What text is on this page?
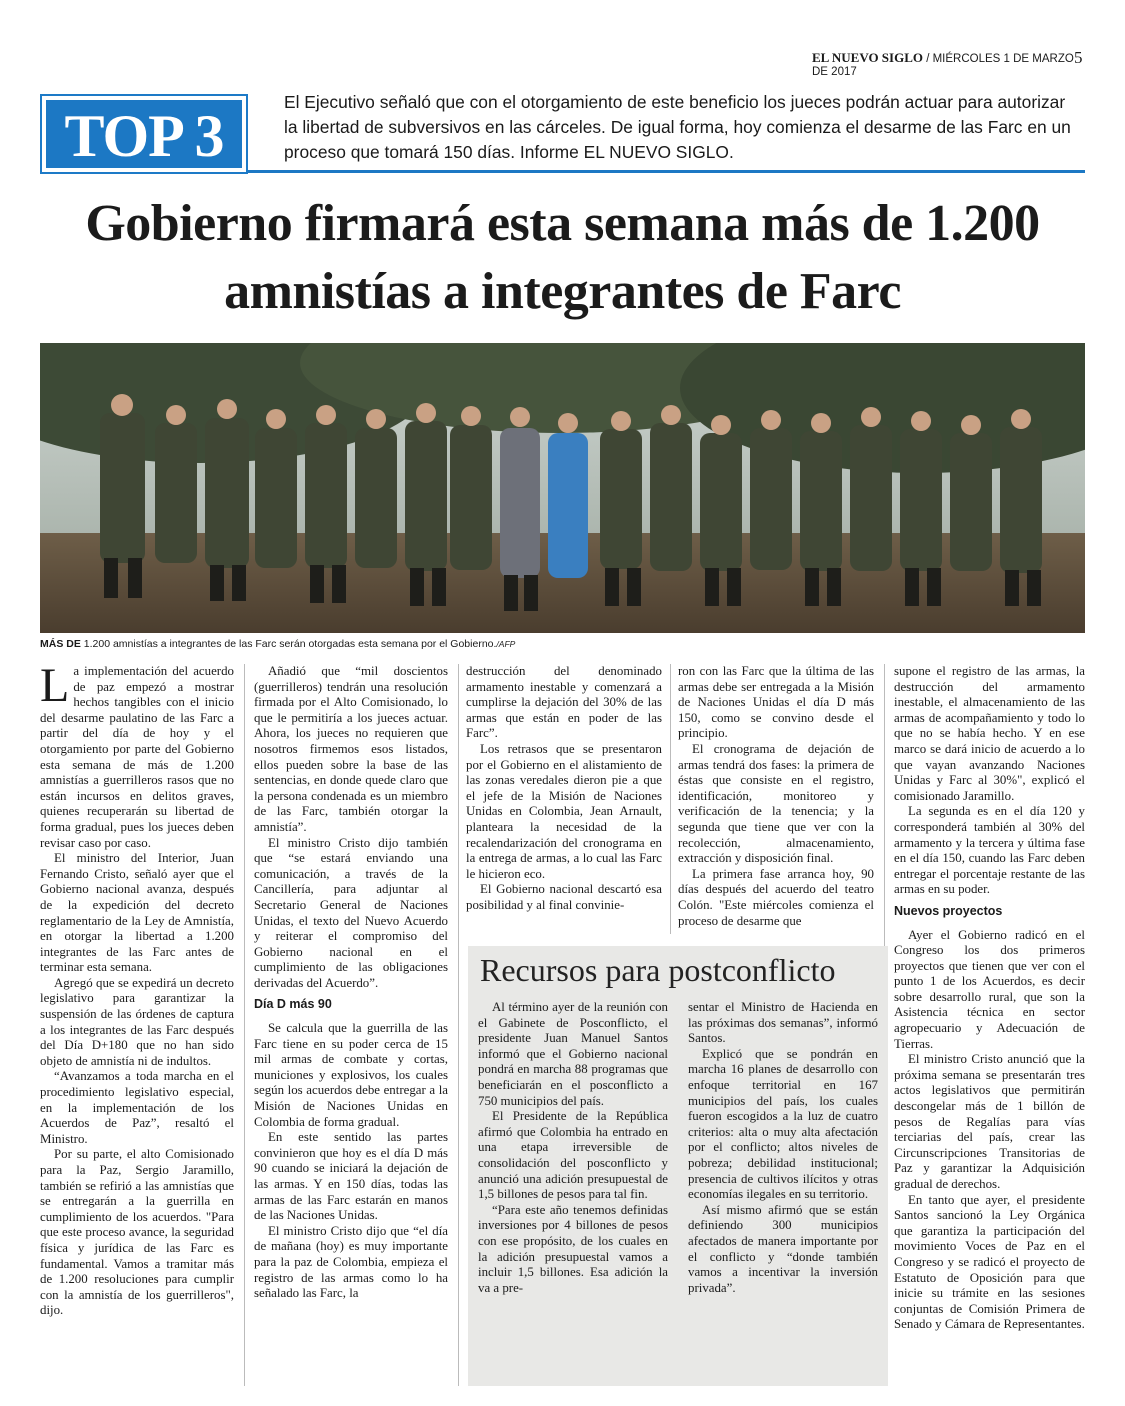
EL NUEVO SIGLO / MIÉRCOLES 1 DE MARZO DE 2017
5
TOP 3
El Ejecutivo señaló que con el otorgamiento de este beneficio los jueces podrán actuar para autorizar la libertad de subversivos en las cárceles. De igual forma, hoy comienza el desarme de las Farc en un proceso que tomará 150 días. Informe EL NUEVO SIGLO.
Gobierno firmará esta semana más de 1.200 amnistías a integrantes de Farc
MÁS DE 1.200 amnistías a integrantes de las Farc serán otorgadas esta semana por el Gobierno./AFP

La implementación del acuerdo de paz empezó a mostrar hechos tangibles con el inicio del desarme paulatino de las Farc a partir del día de hoy y el otorgamiento por parte del Gobierno esta semana de más de 1.200 amnistías a guerrilleros rasos que no están incursos en delitos graves, quienes recuperarán su libertad de forma gradual, pues los jueces deben revisar caso por caso.

El ministro del Interior, Juan Fernando Cristo, señaló ayer que el Gobierno nacional avanza, después de la expedición del decreto reglamentario de la Ley de Amnistía, en otorgar la libertad a 1.200 integrantes de las Farc antes de terminar esta semana.

Agregó que se expedirá un decreto legislativo para garantizar la suspensión de las órdenes de captura a los integrantes de las Farc después del Día D+180 que no han sido objeto de amnistía ni de indultos.

“Avanzamos a toda marcha en el procedimiento legislativo especial, en la implementación de los Acuerdos de Paz”, resaltó el Ministro.

Por su parte, el alto Comisionado para la Paz, Sergio Jaramillo, también se refirió a las amnistías que se entregarán a la guerrilla en cumplimiento de los acuerdos. "Para que este proceso avance, la seguridad física y jurídica de las Farc es fundamental. Vamos a tramitar más de 1.200 resoluciones para cumplir con la amnistía de los guerrilleros", dijo.

Añadió que “mil doscientos (guerrilleros) tendrán una resolución firmada por el Alto Comisionado, lo que le permitiría a los jueces actuar. Ahora, los jueces no requieren que nosotros firmemos esos listados, ellos pueden sobre la base de las sentencias, en donde quede claro que la persona condenada es un miembro de las Farc, también otorgar la amnistía”.

El ministro Cristo dijo también que “se estará enviando una comunicación, a través de la Cancillería, para adjuntar al Secretario General de Naciones Unidas, el texto del Nuevo Acuerdo y reiterar el compromiso del Gobierno nacional en el cumplimiento de las obligaciones derivadas del Acuerdo”.

Día D más 90

Se calcula que la guerrilla de las Farc tiene en su poder cerca de 15 mil armas de combate y cortas, municiones y explosivos, los cuales según los acuerdos debe entregar a la Misión de Naciones Unidas en Colombia de forma gradual.

En este sentido las partes convinieron que hoy es el día D más 90 cuando se iniciará la dejación de las armas. Y en 150 días, todas las armas de las Farc estarán en manos de las Naciones Unidas.

El ministro Cristo dijo que “el día de mañana (hoy) es muy importante para la paz de Colombia, empieza el registro de las armas como lo ha señalado las Farc, la

destrucción del denominado armamento inestable y comenzará a cumplirse la dejación del 30% de las armas que están en poder de las Farc”.

Los retrasos que se presentaron por el Gobierno en el alistamiento de las zonas veredales dieron pie a que el jefe de la Misión de Naciones Unidas en Colombia, Jean Arnault, planteara la necesidad de la recalendarización del cronograma en la entrega de armas, a lo cual las Farc le hicieron eco.

El Gobierno nacional descartó esa posibilidad y al final convinie-

ron con las Farc que la última de las armas debe ser entregada a la Misión de Naciones Unidas el día D más 150, como se convino desde el principio.

El cronograma de dejación de armas tendrá dos fases: la primera de éstas que consiste en el registro, identificación, monitoreo y verificación de la tenencia; y la segunda que tiene que ver con la recolección, almacenamiento, extracción y disposición final.

La primera fase arranca hoy, 90 días después del acuerdo del teatro Colón. "Este miércoles comienza el proceso de desarme que

supone el registro de las armas, la destrucción del armamento inestable, el almacenamiento de las armas de acompañamiento y todo lo que no se había hecho. Y en ese marco se dará inicio de acuerdo a lo que vayan avanzando Naciones Unidas y Farc al 30%", explicó el comisionado Jaramillo.

La segunda es en el día 120 y corresponderá también al 30% del armamento y la tercera y última fase en el día 150, cuando las Farc deben entregar el porcentaje restante de las armas en su poder.

Nuevos proyectos

Ayer el Gobierno radicó en el Congreso los dos primeros proyectos que tienen que ver con el punto 1 de los Acuerdos, es decir sobre desarrollo rural, que son la Asistencia técnica en sector agropecuario y Adecuación de Tierras.

El ministro Cristo anunció que la próxima semana se presentarán tres actos legislativos que permitirán descongelar más de 1 billón de pesos de Regalías para vías terciarias del país, crear las Circunscripciones Transitorias de Paz y garantizar la Adquisición gradual de derechos.

En tanto que ayer, el presidente Santos sancionó la Ley Orgánica que garantiza la participación del movimiento Voces de Paz en el Congreso y se radicó el proyecto de Estatuto de Oposición para que inicie su trámite en las sesiones conjuntas de Comisión Primera de Senado y Cámara de Representantes.

Recursos para postconflicto

Al término ayer de la reunión con el Gabinete de Posconflicto, el presidente Juan Manuel Santos informó que el Gobierno nacional pondrá en marcha 88 programas que beneficiarán en el posconflicto a 750 municipios del país.

El Presidente de la República afirmó que Colombia ha entrado en una etapa irreversible de consolidación del posconflicto y anunció una adición presupuestal de 1,5 billones de pesos para tal fin.

“Para este año tenemos definidas inversiones por 4 billones de pesos con ese propósito, de los cuales en la adición presupuestal vamos a incluir 1,5 billones. Esa adición la va a pre-

sentar el Ministro de Hacienda en las próximas dos semanas”, informó Santos.

Explicó que se pondrán en marcha 16 planes de desarrollo con enfoque territorial en 167 municipios del país, los cuales fueron escogidos a la luz de cuatro criterios: alta o muy alta afectación por el conflicto; altos niveles de pobreza; debilidad institucional; presencia de cultivos ilícitos y otras economías ilegales en su territorio.

Así mismo afirmó que se están definiendo 300 municipios afectados de manera importante por el conflicto y “donde también vamos a incentivar la inversión privada”.
